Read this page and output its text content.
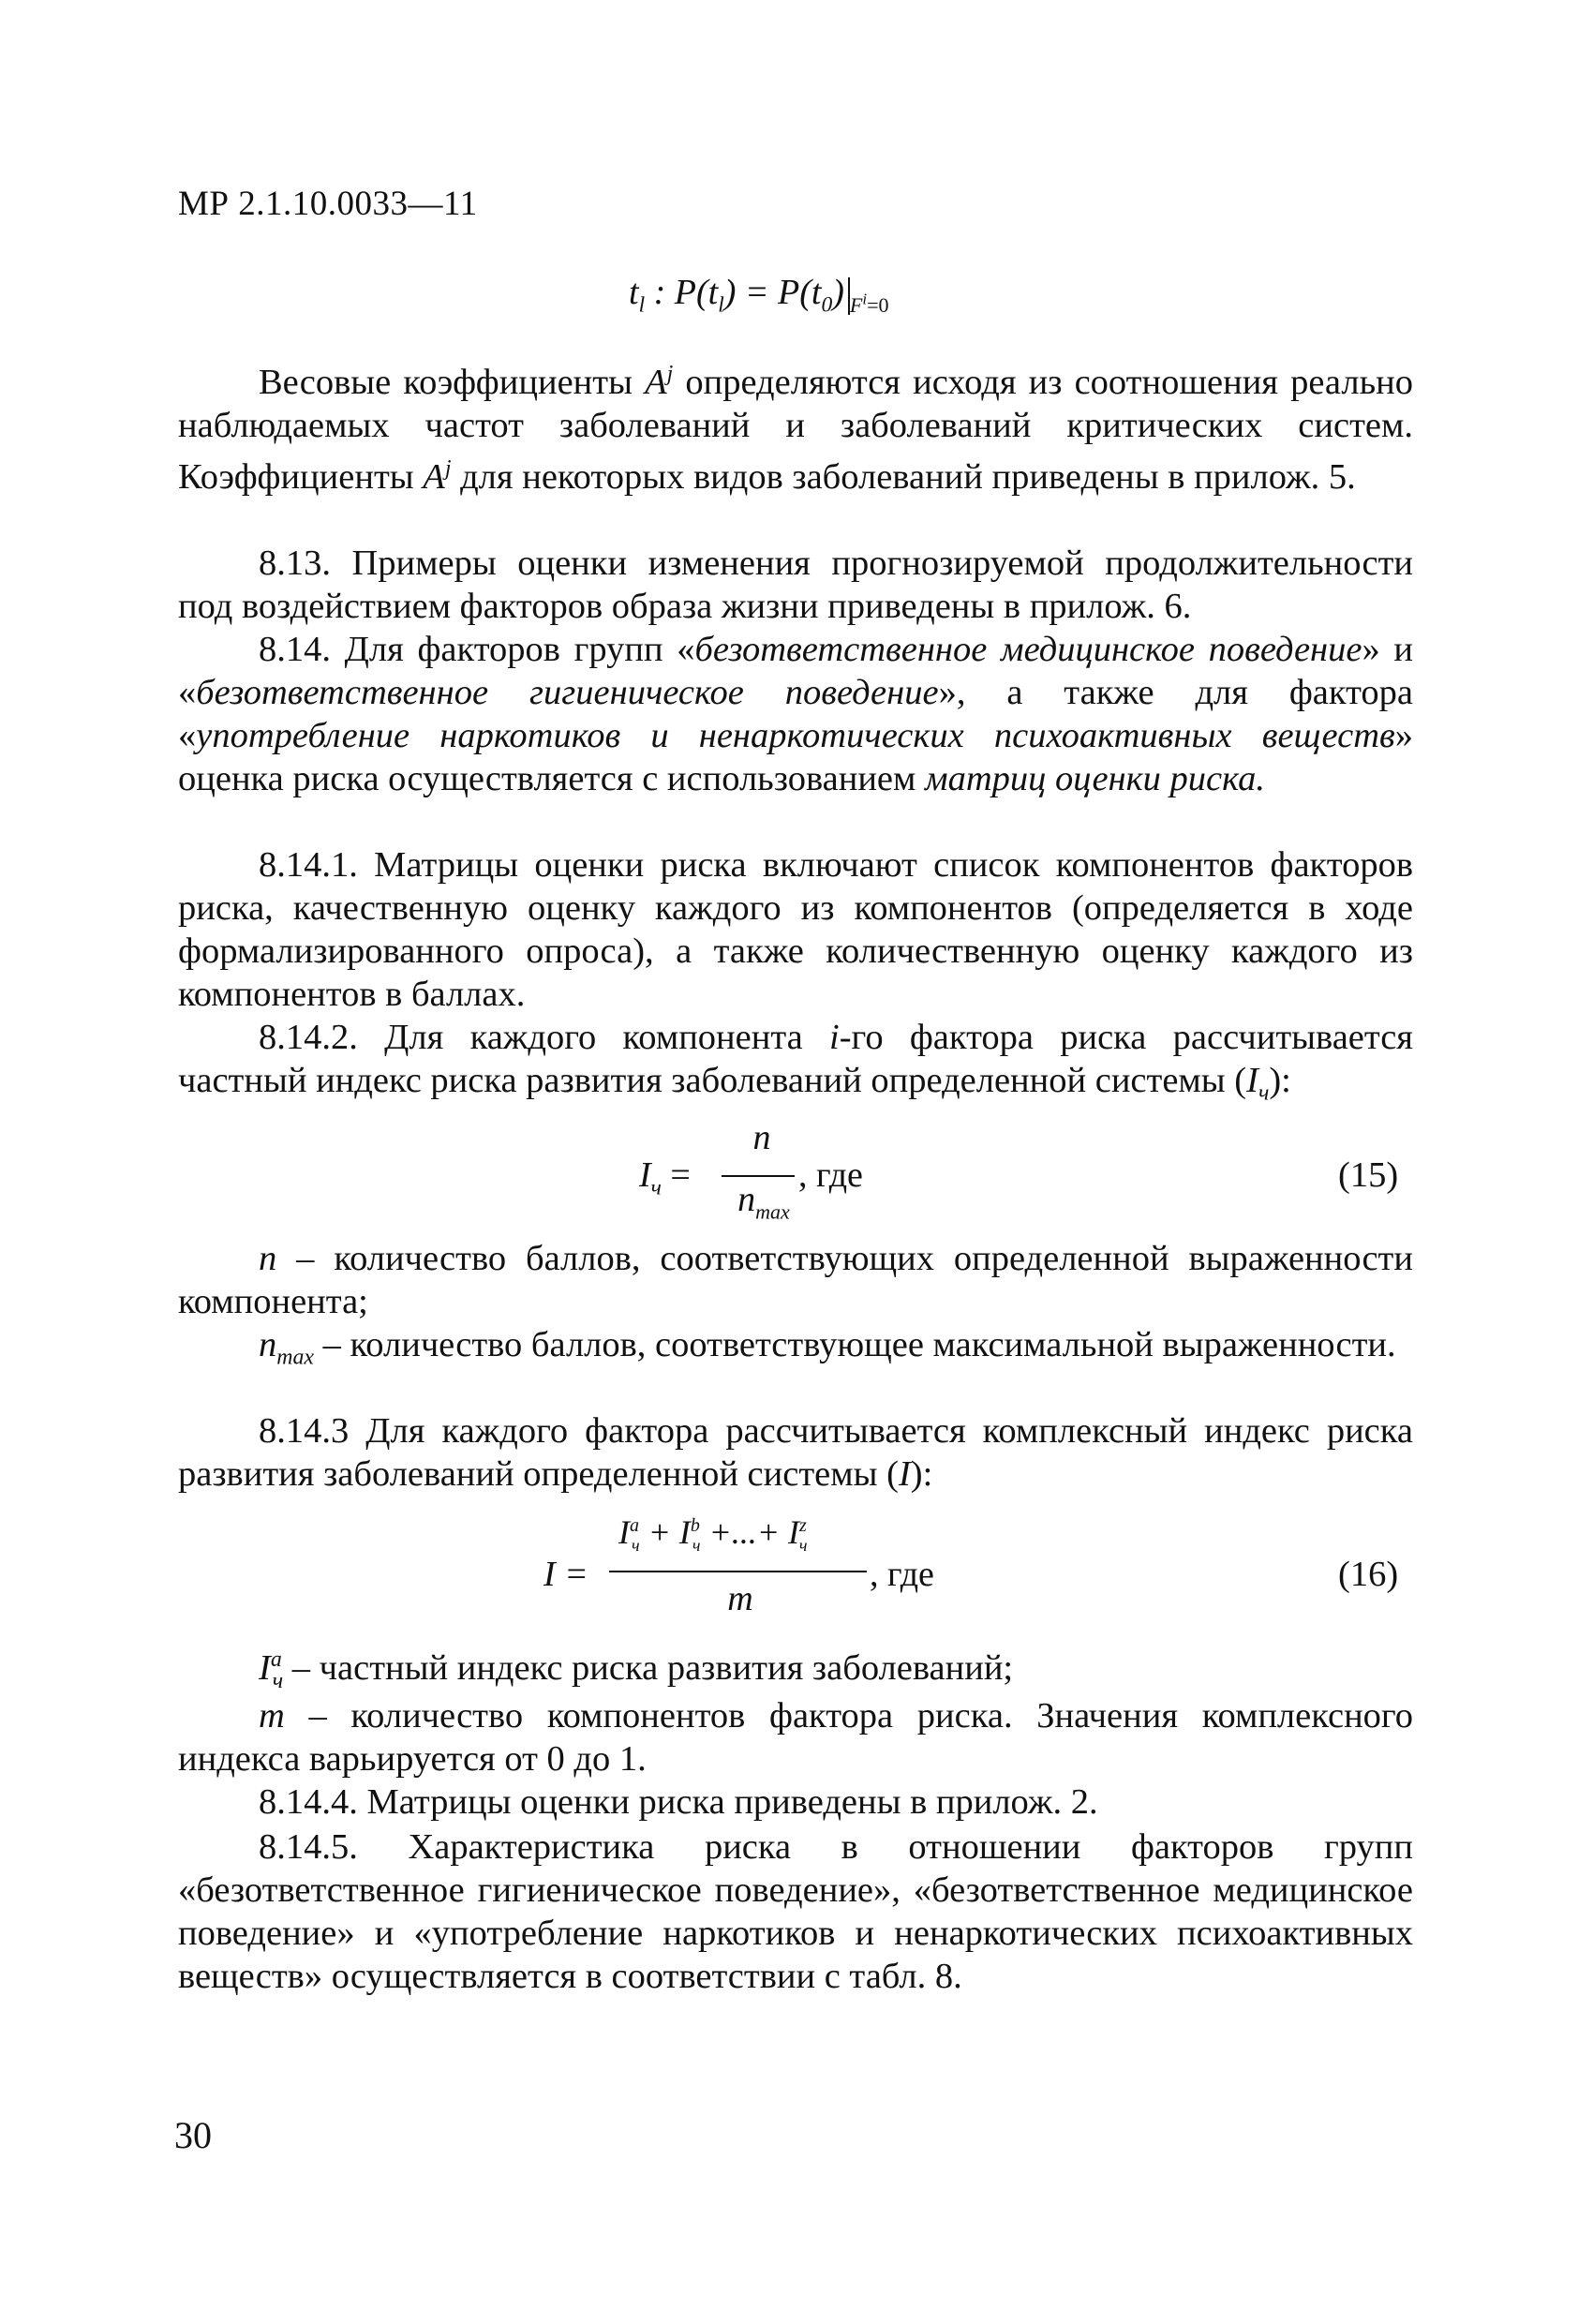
МР 2.1.10.0033—11
$t_l$ : $P(t_l) = P(t_0)$ $_{F^i=0}$

Весовые коэффициенты $A^j$ определяются исходя из соотношения реально наблюдаемых частот заболеваний и заболеваний критических систем. Коэффициенты $A^j$ для некоторых видов заболеваний приведены в прилож. 5.

8.13. Примеры оценки изменения прогнозируемой продолжительности под воздействием факторов образа жизни приведены в прилож. 6.

8.14. Для факторов групп «безответственное медицинское поведение» и «безответственное гигиеническое поведение», а также для фактора «употребление наркотиков и ненаркотических психоактивных веществ» оценка риска осуществляется с использованием матриц оценки риска.

8.14.1. Матрицы оценки риска включают список компонентов факторов риска, качественную оценку каждого из компонентов (определяется в ходе формализированного опроса), а также количественную оценку каждого из компонентов в баллах.

8.14.2. Для каждого компонента i-го фактора риска рассчитывается частный индекс риска развития заболеваний определенной системы $(I_ч)$:

n – количество баллов, соответствующих определенной выраженности компонента;

$n_{max}$ – количество баллов, соответствующее максимальной выраженности.

8.14.3 Для каждого фактора рассчитывается комплексный индекс риска развития заболеваний определенной системы (I):

$I^a_ч$ – частный индекс риска развития заболеваний;

m – количество компонентов фактора риска. Значения комплексного индекса варьируется от 0 до 1.

8.14.4. Матрицы оценки риска приведены в прилож. 2.

8.14.5. Характеристика риска в отношении факторов групп «безответственное гигиеническое поведение», «безответственное медицинское поведение» и «употребление наркотиков и ненаркотических психоактивных веществ» осуществляется в соответствии с табл. 8.

$I_ч$ =
n
$n_{max}$
, где	(15)
I =
$I^a_ч + I^b_ч$ +...+ $I^z_ч$
m
, где	(16)
30
